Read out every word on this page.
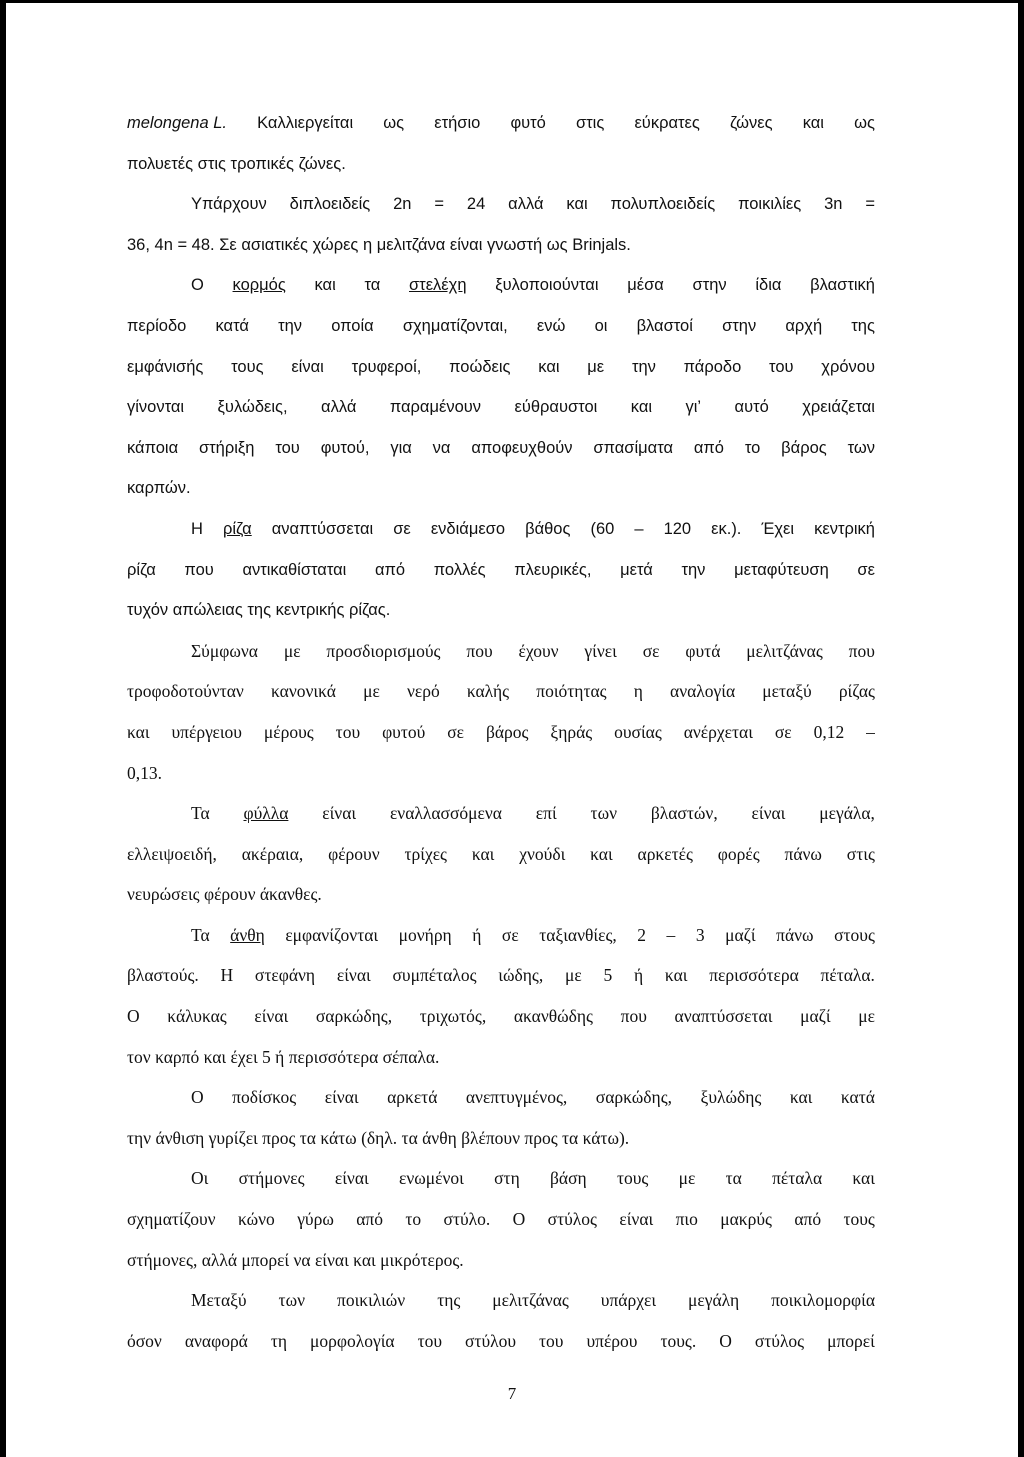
melongena L. Καλλιεργείται ως ετήσιο φυτό στις εύκρατες ζώνες και ως
πολυετές στις τροπικές ζώνες.
Υπάρχουν διπλοειδείς 2n = 24 αλλά και πολυπλοειδείς ποικιλίες 3n =
36, 4n = 48. Σε ασιατικές χώρες η μελιτζάνα είναι γνωστή ως Brinjals.
Ο κορμός και τα στελέχη ξυλοποιούνται μέσα στην ίδια βλαστική
περίοδο κατά την οποία σχηματίζονται, ενώ οι βλαστοί στην αρχή της
εμφάνισής τους είναι τρυφεροί, ποώδεις και με την πάροδο του χρόνου
γίνονται ξυλώδεις, αλλά παραμένουν εύθραυστοι και γι’ αυτό χρειάζεται
κάποια στήριξη του φυτού, για να αποφευχθούν σπασίματα από το βάρος των
καρπών.
Η ρίζα αναπτύσσεται σε ενδιάμεσο βάθος (60 – 120 εκ.). Έχει κεντρική
ρίζα που αντικαθίσταται από πολλές πλευρικές, μετά την μεταφύτευση σε
τυχόν απώλειας της κεντρικής ρίζας.
Σύμφωνα με προσδιορισμούς που έχουν γίνει σε φυτά μελιτζάνας που
τροφοδοτούνταν κανονικά με νερό καλής ποιότητας η αναλογία μεταξύ ρίζας
και υπέργειου μέρους του φυτού σε βάρος ξηράς ουσίας ανέρχεται σε 0,12 –
0,13.
Τα φύλλα είναι εναλλασσόμενα επί των βλαστών, είναι μεγάλα,
ελλειψοειδή, ακέραια, φέρουν τρίχες και χνούδι και αρκετές φορές πάνω στις
νευρώσεις φέρουν άκανθες.
Τα άνθη εμφανίζονται μονήρη ή σε ταξιανθίες, 2 – 3 μαζί πάνω στους
βλαστούς. Η στεφάνη είναι συμπέταλος ιώδης, με 5 ή και περισσότερα πέταλα.
Ο κάλυκας είναι σαρκώδης, τριχωτός, ακανθώδης που αναπτύσσεται μαζί με
τον καρπό και έχει 5 ή περισσότερα σέπαλα.
Ο ποδίσκος είναι αρκετά ανεπτυγμένος, σαρκώδης, ξυλώδης και κατά
την άνθιση γυρίζει προς τα κάτω (δηλ. τα άνθη βλέπουν προς τα κάτω).
Οι στήμονες είναι ενωμένοι στη βάση τους με τα πέταλα και
σχηματίζουν κώνο γύρω από το στύλο. Ο στύλος είναι πιο μακρύς από τους
στήμονες, αλλά μπορεί να είναι και μικρότερος.
Μεταξύ των ποικιλιών της μελιτζάνας υπάρχει μεγάλη ποικιλομορφία
όσον αναφορά τη μορφολογία του στύλου του υπέρου τους. Ο στύλος μπορεί
7
